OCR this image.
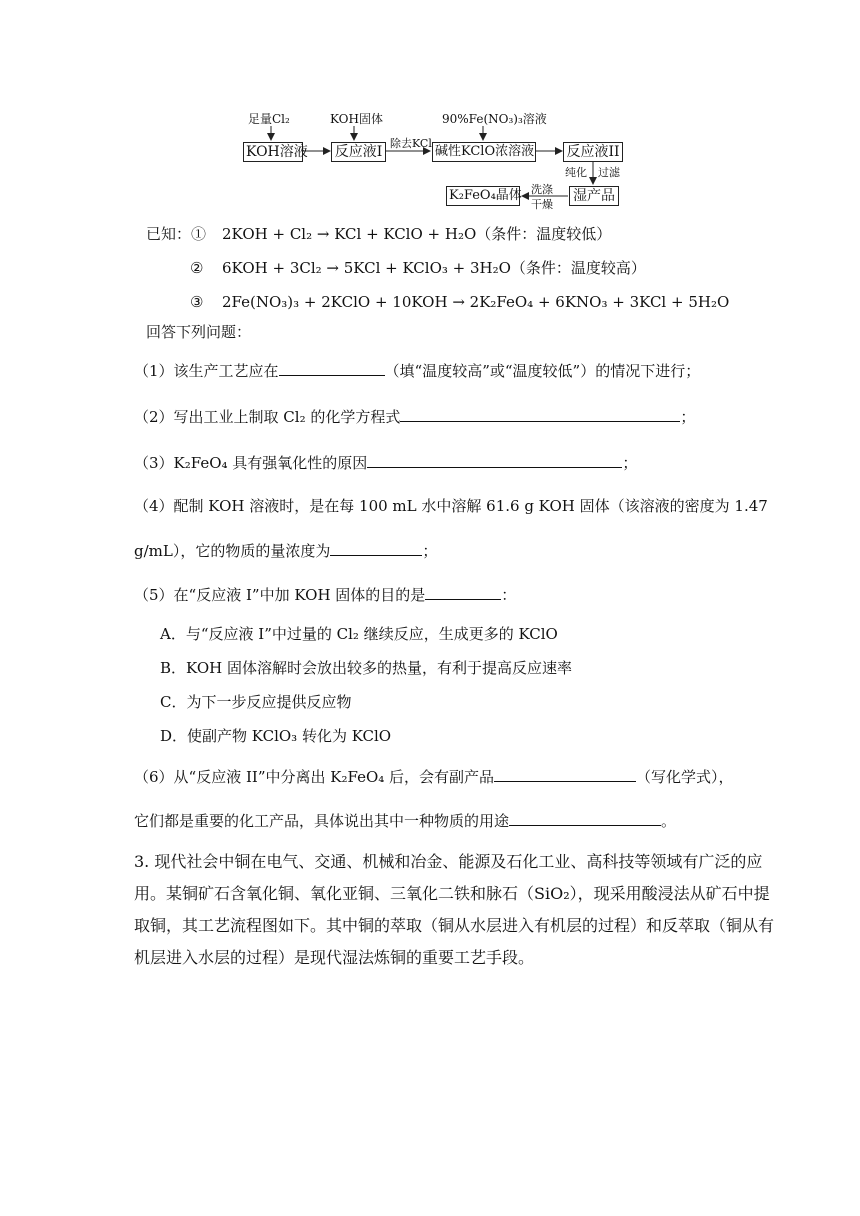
足量Cl₂	KOH固体	90%Fe(NO₃)₃溶液
KOH溶液 反应液I
除去KCl
碱性KClO浓溶液 反应液II
纯化 过滤
湿产品
洗涤
干燥
K₂FeO₄晶体
已知：① 2KOH + Cl₂ → KCl + KClO + H₂O（条件：温度较低）
② 6KOH + 3Cl₂ → 5KCl + KClO₃ + 3H₂O（条件：温度较高）
③ 2Fe(NO₃)₃ + 2KClO + 10KOH → 2K₂FeO₄ + 6KNO₃ + 3KCl + 5H₂O
回答下列问题：
（1）该生产工艺应在	（填“温度较高”或“温度较低”）的情况下进行；
（2）写出工业上制取 Cl₂ 的化学方程式	；
（3）K₂FeO₄ 具有强氧化性的原因	；
（4）配制 KOH 溶液时，是在每 100 mL 水中溶解 61.6 g KOH 固体（该溶液的密度为 1.47
g/mL），它的物质的量浓度为	；
（5）在“反应液 I”中加 KOH 固体的目的是	：
A．与“反应液 I”中过量的 Cl₂ 继续反应，生成更多的 KClO
B．KOH 固体溶解时会放出较多的热量，有利于提高反应速率
C．为下一步反应提供反应物
D．使副产物 KClO₃ 转化为 KClO
（6）从“反应液 II”中分离出 K₂FeO₄ 后，会有副产品	（写化学式），
它们都是重要的化工产品，具体说出其中一种物质的用途	。
3. 现代社会中铜在电气、交通、机械和冶金、能源及石化工业、高科技等领域有广泛的应
用。某铜矿石含氧化铜、氧化亚铜、三氧化二铁和脉石（SiO₂），现采用酸浸法从矿石中提
取铜，其工艺流程图如下。其中铜的萃取（铜从水层进入有机层的过程）和反萃取（铜从有
机层进入水层的过程）是现代湿法炼铜的重要工艺手段。
